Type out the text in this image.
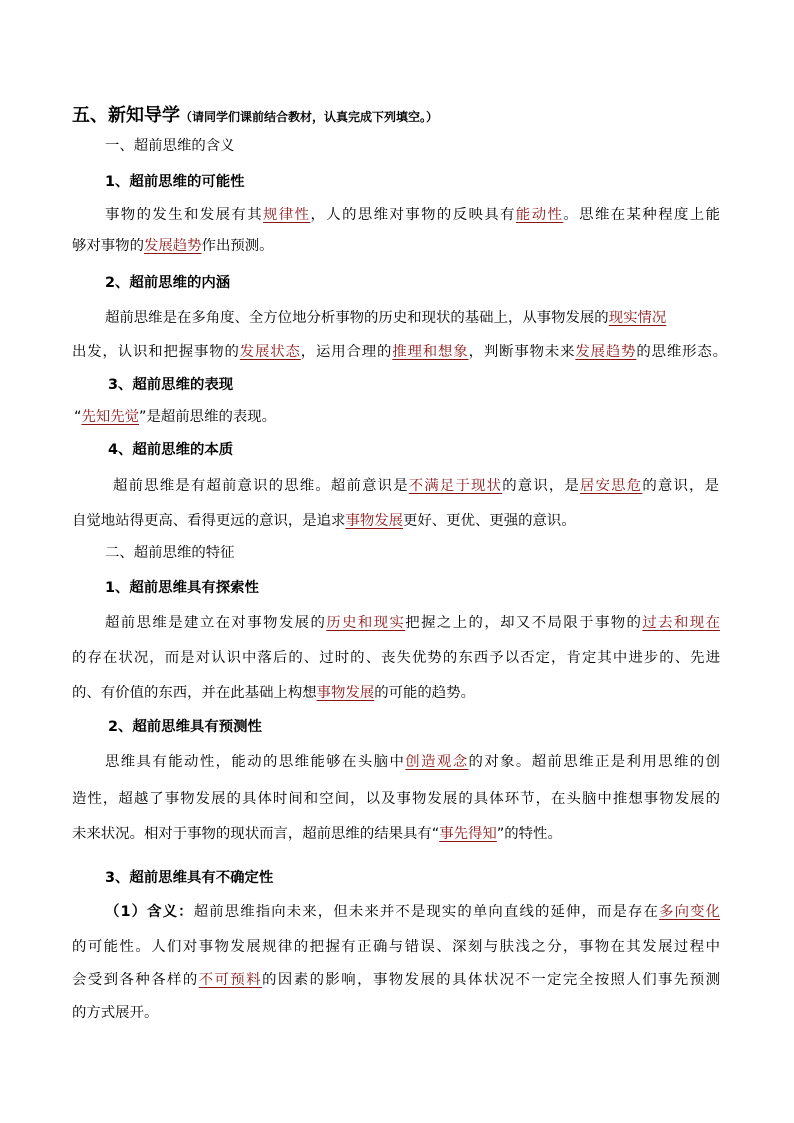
五、新知导学（请同学们课前结合教材，认真完成下列填空。）
一、超前思维的含义
1、超前思维的可能性
事物的发生和发展有其规律性，人的思维对事物的反映具有能动性。思维在某种程度上能
够对事物的发展趋势作出预测。
2、超前思维的内涵
超前思维是在多角度、全方位地分析事物的历史和现状的基础上，从事物发展的现实情况
出发，认识和把握事物的发展状态，运用合理的推理和想象，判断事物未来发展趋势的思维形态。
3、超前思维的表现
“先知先觉”是超前思维的表现。
4、超前思维的本质
超前思维是有超前意识的思维。超前意识是不满足于现状的意识，是居安思危的意识，是
自觉地站得更高、看得更远的意识，是追求事物发展更好、更优、更强的意识。
二、超前思维的特征
1、超前思维具有探索性
超前思维是建立在对事物发展的历史和现实把握之上的，却又不局限于事物的过去和现在
的存在状况，而是对认识中落后的、过时的、丧失优势的东西予以否定，肯定其中进步的、先进
的、有价值的东西，并在此基础上构想事物发展的可能的趋势。
2、超前思维具有预测性
思维具有能动性，能动的思维能够在头脑中创造观念的对象。超前思维正是利用思维的创
造性，超越了事物发展的具体时间和空间，以及事物发展的具体环节，在头脑中推想事物发展的
未来状况。相对于事物的现状而言，超前思维的结果具有“事先得知”的特性。
3、超前思维具有不确定性
（1）含义：超前思维指向未来，但未来并不是现实的单向直线的延伸，而是存在多向变化
的可能性。人们对事物发展规律的把握有正确与错误、深刻与肤浅之分，事物在其发展过程中
会受到各种各样的不可预料的因素的影响，事物发展的具体状况不一定完全按照人们事先预测
的方式展开。
